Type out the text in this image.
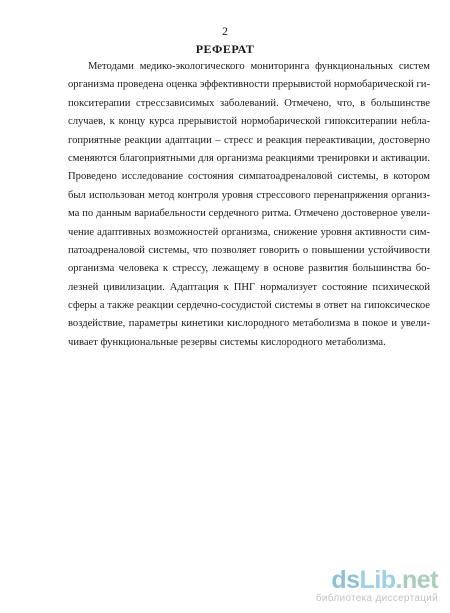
2
РЕФЕРАТ
Методами медико-экологического мониторинга функциональных систем
организма проведена оценка эффективности прерывистой нормобарической ги-
покситерапии стрессзависимых заболеваний. Отмечено, что, в большинстве
случаев, к концу курса прерывистой нормобарической гипокситерапии небла-
гоприятные реакции адаптации – стресс и реакция переактивации, достоверно
сменяются благоприятными для организма реакциями тренировки и активации.
Проведено исследование состояния симпатоадреналовой системы, в котором
был использован метод контроля уровня стрессового перенапряжения организ-
ма по данным вариабельности сердечного ритма. Отмечено достоверное увели-
чение адаптивных возможностей организма, снижение уровня активности сим-
патоадреналовой системы, что позволяет говорить о повышении устойчивости
организма человека к стрессу, лежащему в основе развития большинства бо-
лезней цивилизации. Адаптация к ПНГ нормализует состояние психической
сферы а также реакции сердечно-сосудистой системы в ответ на гипоксическое
воздействие, параметры кинетики кислородного метаболизма в покое и увели-
чивает функциональные резервы системы кислородного метаболизма.
dsLib.net
библиотека диссертаций
